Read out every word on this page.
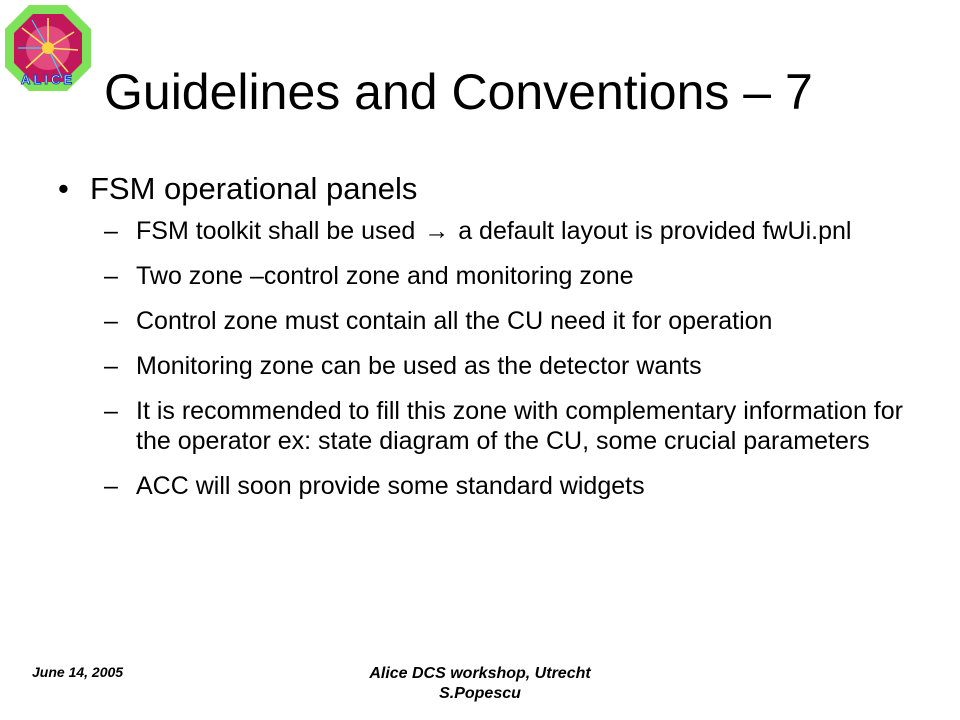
ALICE Guidelines and Conventions – 7
• FSM operational panels
– FSM toolkit shall be used → a default layout is provided fwUi.pnl
– Two zone –control zone and monitoring zone
– Control zone must contain all the CU need it for operation
– Monitoring zone can be used as the detector wants
– It is recommended to fill this zone with complementary information for the operator ex: state diagram of the CU, some crucial parameters
– ACC will soon provide some standard widgets
June 14, 2005	Alice DCS workshop, Utrecht
S.Popescu
